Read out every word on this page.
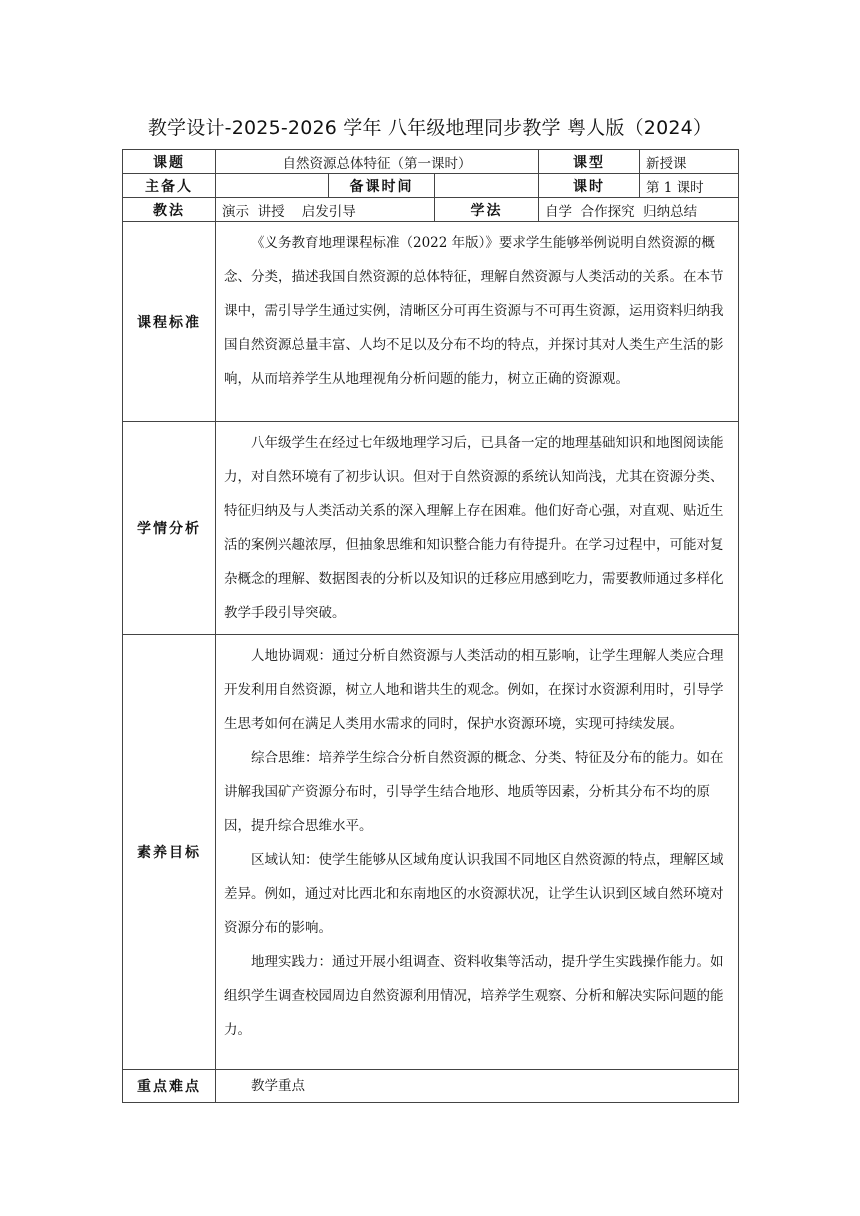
教学设计-2025-2026 学年 八年级地理同步教学 粤人版（2024）
课题	自然资源总体特征（第一课时）			课型	新授课
主备人		备课时间		课时	第 1 课时
教法	演示  讲授    启发引导		学法	自学  合作探究  归纳总结	
课程标准	《义务教育地理课程标准（2022 年版）》要求学生能够举例说明自然资源的概念、分类，描述我国自然资源的总体特征，理解自然资源与人类活动的关系。在本节课中，需引导学生通过实例，清晰区分可再生资源与不可再生资源，运用资料归纳我国自然资源总量丰富、人均不足以及分布不均的特点，并探讨其对人类生产生活的影响，从而培养学生从地理视角分析问题的能力，树立正确的资源观。				

学情分析	八年级学生在经过七年级地理学习后，已具备一定的地理基础知识和地图阅读能力，对自然环境有了初步认识。但对于自然资源的系统认知尚浅，尤其在资源分类、特征归纳及与人类活动关系的深入理解上存在困难。他们好奇心强，对直观、贴近生活的案例兴趣浓厚，但抽象思维和知识整合能力有待提升。在学习过程中，可能对复杂概念的理解、数据图表的分析以及知识的迁移应用感到吃力，需要教师通过多样化教学手段引导突破。				

素养目标	人地协调观：通过分析自然资源与人类活动的相互影响，让学生理解人类应合理开发利用自然资源，树立人地和谐共生的观念。例如，在探讨水资源利用时，引导学生思考如何在满足人类用水需求的同时，保护水资源环境，实现可持续发展。

综合思维：培养学生综合分析自然资源的概念、分类、特征及分布的能力。如在讲解我国矿产资源分布时，引导学生结合地形、地质等因素，分析其分布不均的原因，提升综合思维水平。

区域认知：使学生能够从区域角度认识我国不同地区自然资源的特点，理解区域差异。例如，通过对比西北和东南地区的水资源状况，让学生认识到区域自然环境对资源分布的影响。

地理实践力：通过开展小组调查、资料收集等活动，提升学生实践操作能力。如组织学生调查校园周边自然资源利用情况，培养学生观察、分析和解决实际问题的能力。				

重点难点	教学重点				
